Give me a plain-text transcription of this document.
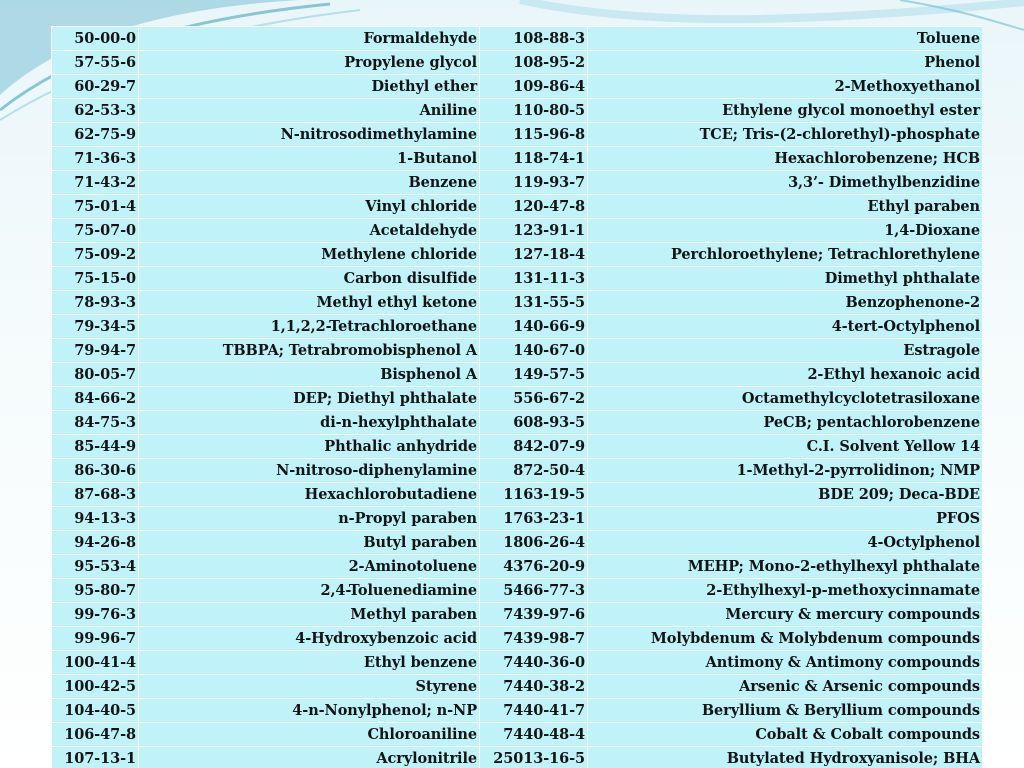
50-00-0	Formaldehyde	108-88-3	Toluene
57-55-6	Propylene glycol	108-95-2	Phenol
60-29-7	Diethyl ether	109-86-4	2-Methoxyethanol
62-53-3	Aniline	110-80-5	Ethylene glycol monoethyl ester
62-75-9	N-nitrosodimethylamine	115-96-8	TCE; Tris-(2-chlorethyl)-phosphate
71-36-3	1-Butanol	118-74-1	Hexachlorobenzene; HCB
71-43-2	Benzene	119-93-7	3,3’- Dimethylbenzidine
75-01-4	Vinyl chloride	120-47-8	Ethyl paraben
75-07-0	Acetaldehyde	123-91-1	1,4-Dioxane
75-09-2	Methylene chloride	127-18-4	Perchloroethylene; Tetrachlorethylene
75-15-0	Carbon disulfide	131-11-3	Dimethyl phthalate
78-93-3	Methyl ethyl ketone	131-55-5	Benzophenone-2
79-34-5	1,1,2,2-Tetrachloroethane	140-66-9	4-tert-Octylphenol
79-94-7	TBBPA; Tetrabromobisphenol A	140-67-0	Estragole
80-05-7	Bisphenol A	149-57-5	2-Ethyl hexanoic acid
84-66-2	DEP; Diethyl phthalate	556-67-2	Octamethylcyclotetrasiloxane
84-75-3	di-n-hexylphthalate	608-93-5	PeCB; pentachlorobenzene
85-44-9	Phthalic anhydride	842-07-9	C.I. Solvent Yellow 14
86-30-6	N-nitroso-diphenylamine	872-50-4	1-Methyl-2-pyrrolidinon; NMP
87-68-3	Hexachlorobutadiene	1163-19-5	BDE 209; Deca-BDE
94-13-3	n-Propyl paraben	1763-23-1	PFOS
94-26-8	Butyl paraben	1806-26-4	4-Octylphenol
95-53-4	2-Aminotoluene	4376-20-9	MEHP; Mono-2-ethylhexyl phthalate
95-80-7	2,4-Toluenediamine	5466-77-3	2-Ethylhexyl-p-methoxycinnamate
99-76-3	Methyl paraben	7439-97-6	Mercury & mercury compounds
99-96-7	4-Hydroxybenzoic acid	7439-98-7	Molybdenum & Molybdenum compounds
100-41-4	Ethyl benzene	7440-36-0	Antimony & Antimony compounds
100-42-5	Styrene	7440-38-2	Arsenic & Arsenic compounds
104-40-5	4-n-Nonylphenol; n-NP	7440-41-7	Beryllium & Beryllium compounds
106-47-8	Chloroaniline	7440-48-4	Cobalt & Cobalt compounds
107-13-1	Acrylonitrile	25013-16-5	Butylated Hydroxyanisole; BHA
